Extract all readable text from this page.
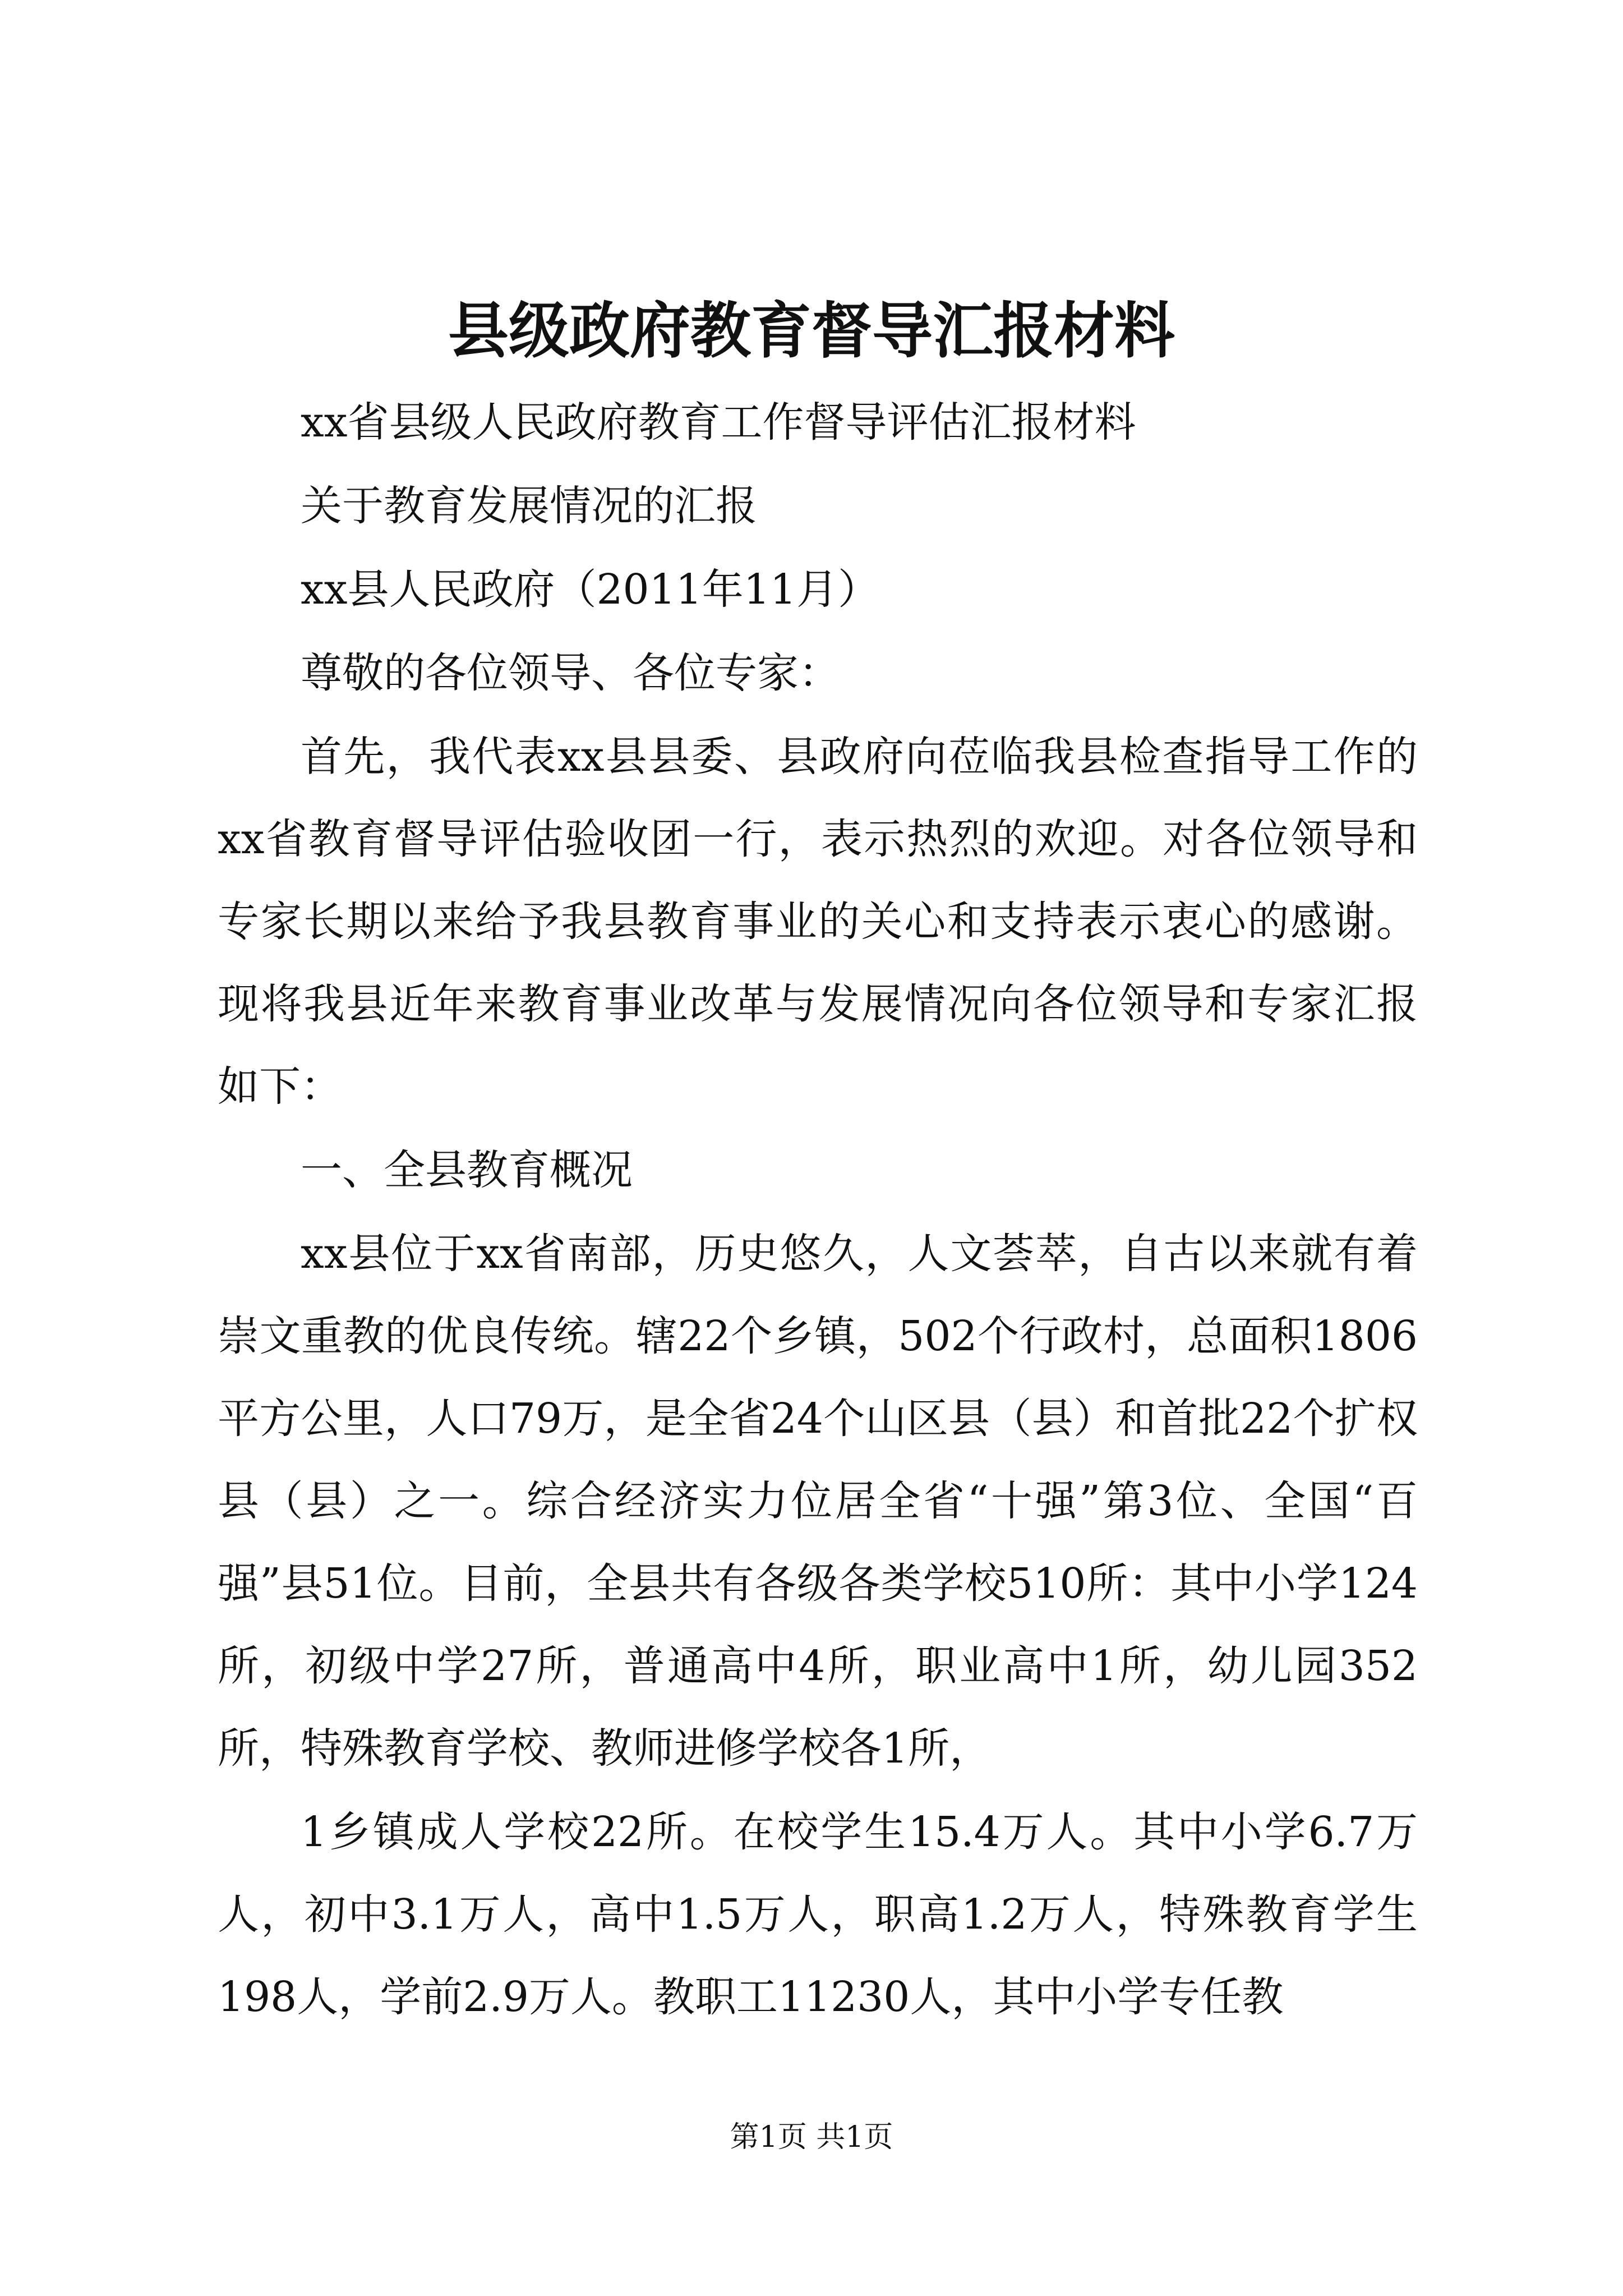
县级政府教育督导汇报材料

xx省县级人民政府教育工作督导评估汇报材料

关于教育发展情况的汇报

xx县人民政府（2011年11月）

尊敬的各位领导、各位专家：

首先，我代表xx县县委、县政府向莅临我县检查指导工作的xx省教育督导评估验收团一行，表示热烈的欢迎。对各位领导和专家长期以来给予我县教育事业的关心和支持表示衷心的感谢。现将我县近年来教育事业改革与发展情况向各位领导和专家汇报如下：

一、全县教育概况

xx县位于xx省南部，历史悠久，人文荟萃，自古以来就有着崇文重教的优良传统。辖22个乡镇，502个行政村，总面积1806平方公里，人口79万，是全省24个山区县（县）和首批22个扩权县（县）之一。综合经济实力位居全省“十强”第3位、全国“百强”县51位。目前，全县共有各级各类学校510所：其中小学124所，初级中学27所，普通高中4所，职业高中1所，幼儿园352所，特殊教育学校、教师进修学校各1所，

1乡镇成人学校22所。在校学生15.4万人。其中小学6.7万人，初中3.1万人，高中1.5万人，职高1.2万人，特殊教育学生198人，学前2.9万人。教职工11230人，其中小学专任教

第1页 共1页
